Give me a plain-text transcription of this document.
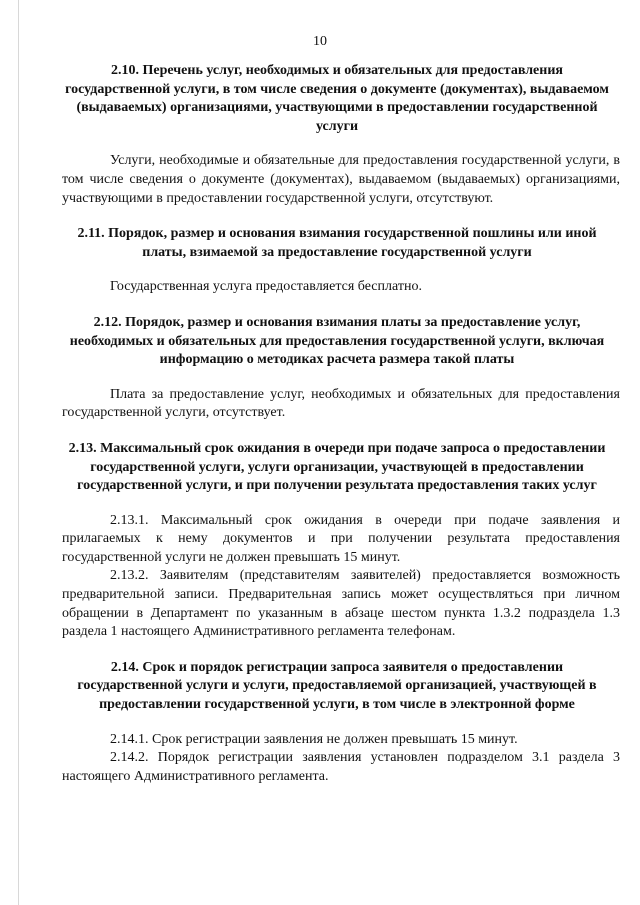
10
2.10. Перечень услуг, необходимых и обязательных для предоставления государственной услуги, в том числе сведения о документе (документах), выдаваемом (выдаваемых) организациями, участвующими в предоставлении государственной услуги

Услуги, необходимые и обязательные для предоставления государственной услуги, в том числе сведения о документе (документах), выдаваемом (выдаваемых) организациями, участвующими в предоставлении государственной услуги, отсутствуют.

2.11. Порядок, размер и основания взимания государственной пошлины или иной платы, взимаемой за предоставление государственной услуги

Государственная услуга предоставляется бесплатно.

2.12. Порядок, размер и основания взимания платы за предоставление услуг, необходимых и обязательных для предоставления государственной услуги, включая информацию о методиках расчета размера такой платы

Плата за предоставление услуг, необходимых и обязательных для предоставления государственной услуги, отсутствует.

2.13. Максимальный срок ожидания в очереди при подаче запроса о предоставлении государственной услуги, услуги организации, участвующей в предоставлении государственной услуги, и при получении результата предоставления таких услуг

2.13.1. Максимальный срок ожидания в очереди при подаче заявления и прилагаемых к нему документов и при получении результата предоставления государственной услуги не должен превышать 15 минут.

2.13.2. Заявителям (представителям заявителей) предоставляется возможность предварительной записи. Предварительная запись может осуществляться при личном обращении в Департамент по указанным в абзаце шестом пункта 1.3.2 подраздела 1.3 раздела 1 настоящего Административного регламента телефонам.

2.14. Срок и порядок регистрации запроса заявителя о предоставлении государственной услуги и услуги, предоставляемой организацией, участвующей в предоставлении государственной услуги, в том числе в электронной форме

2.14.1. Срок регистрации заявления не должен превышать 15 минут.

2.14.2. Порядок регистрации заявления установлен подразделом 3.1 раздела 3 настоящего Административного регламента.
